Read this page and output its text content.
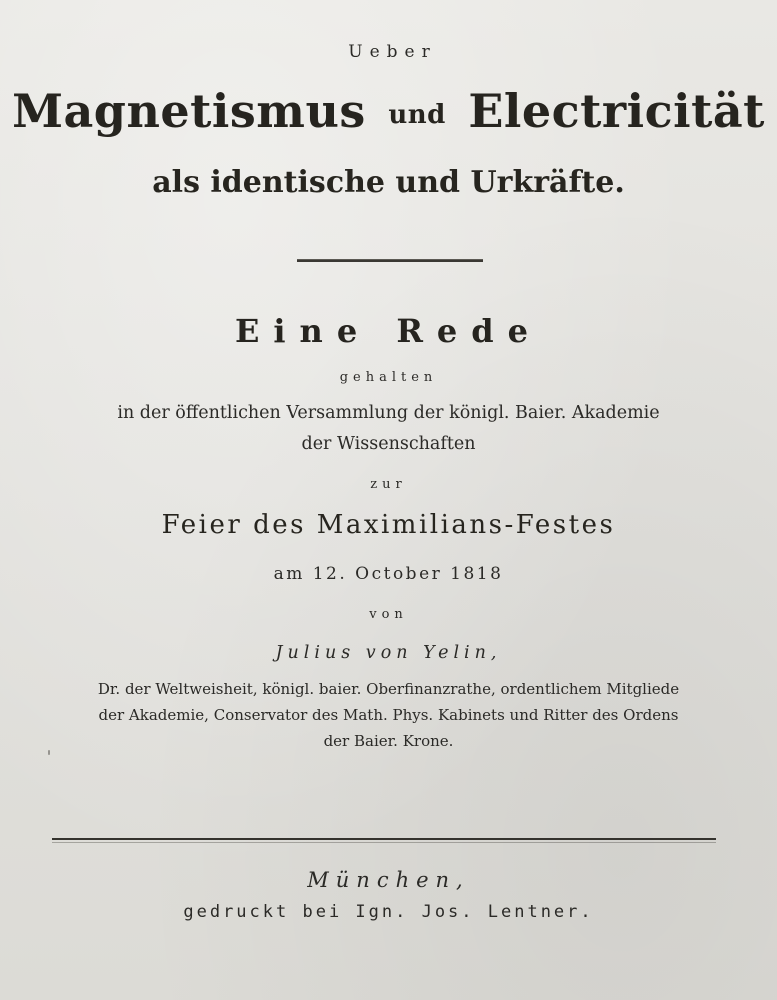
Ueber

Magnetismus und Electricität

als identische und Urkräfte.

Eine Rede

gehalten

in der öffentlichen Versammlung der königl. Baier. Akademie

der Wissenschaften

zur

Feier des Maximilians-Festes

am 12. October 1818

von

Julius von Yelin,

Dr. der Weltweisheit, königl. baier. Oberfinanzrathe, ordentlichem Mitgliede

der Akademie, Conservator des Math. Phys. Kabinets und Ritter des Ordens

der Baier. Krone.

München,

gedruckt bei Ign. Jos. Lentner.
